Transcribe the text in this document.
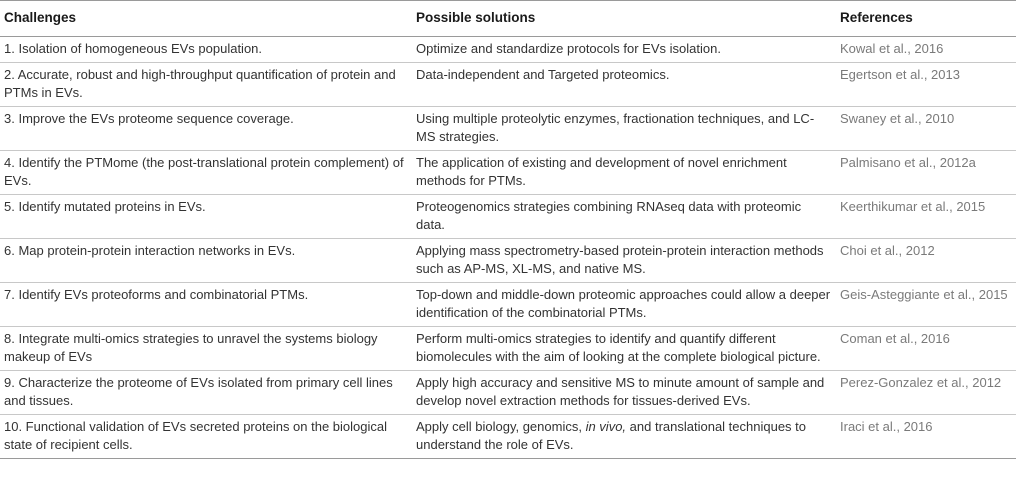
Challenges	Possible solutions	References
1. Isolation of homogeneous EVs population.	Optimize and standardize protocols for EVs isolation.	Kowal et al., 2016
2. Accurate, robust and high-throughput quantification of protein and PTMs in EVs.	Data-independent and Targeted proteomics.	Egertson et al., 2013
3. Improve the EVs proteome sequence coverage.	Using multiple proteolytic enzymes, fractionation techniques, and LC-MS strategies.	Swaney et al., 2010
4. Identify the PTMome (the post-translational protein complement) of EVs.	The application of existing and development of novel enrichment methods for PTMs.	Palmisano et al., 2012a
5. Identify mutated proteins in EVs.	Proteogenomics strategies combining RNAseq data with proteomic data.	Keerthikumar et al., 2015
6. Map protein-protein interaction networks in EVs.	Applying mass spectrometry-based protein-protein interaction methods such as AP-MS, XL-MS, and native MS.	Choi et al., 2012
7. Identify EVs proteoforms and combinatorial PTMs.	Top-down and middle-down proteomic approaches could allow a deeper identification of the combinatorial PTMs.	Geis-Asteggiante et al., 2015
8. Integrate multi-omics strategies to unravel the systems biology makeup of EVs	Perform multi-omics strategies to identify and quantify different biomolecules with the aim of looking at the complete biological picture.	Coman et al., 2016
9. Characterize the proteome of EVs isolated from primary cell lines and tissues.	Apply high accuracy and sensitive MS to minute amount of sample and develop novel extraction methods for tissues-derived EVs.	Perez-Gonzalez et al., 2012
10. Functional validation of EVs secreted proteins on the biological state of recipient cells.	Apply cell biology, genomics, in vivo, and translational techniques to understand the role of EVs.	Iraci et al., 2016
